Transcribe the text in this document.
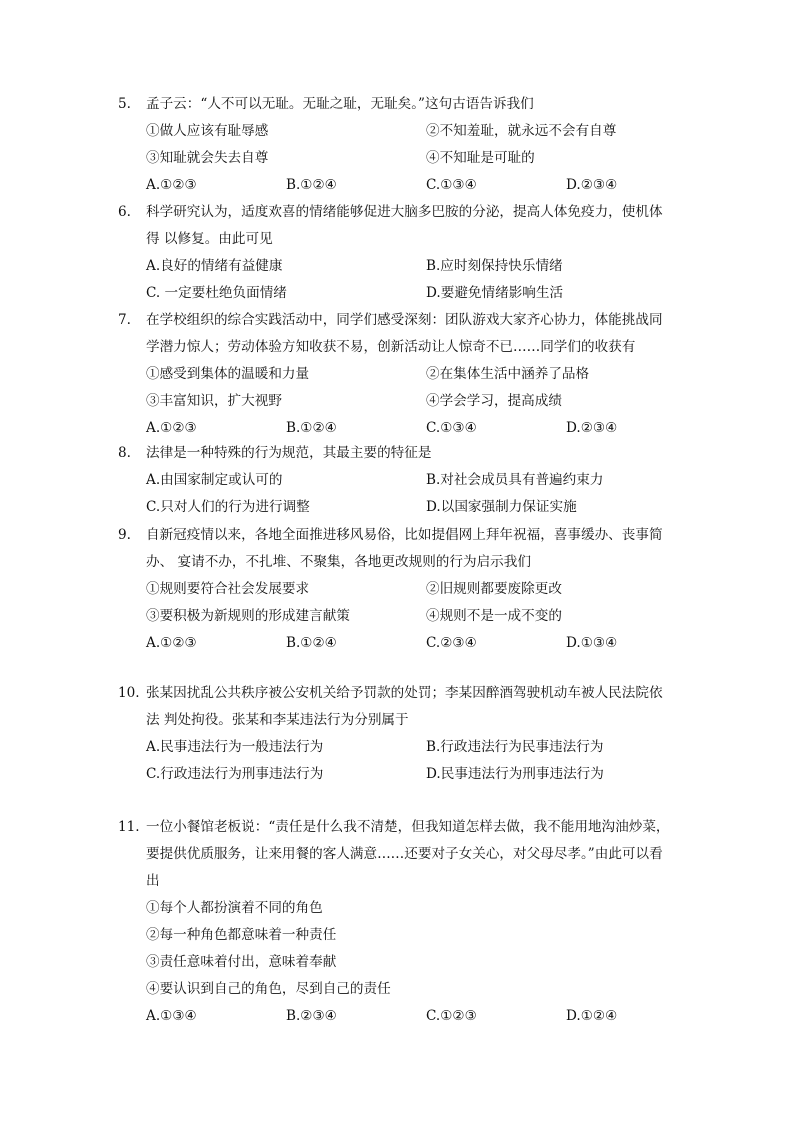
5. 孟子云：“人不可以无耻。无耻之耻，无耻矣。”这句古语告诉我们
①做人应该有耻辱感	②不知羞耻，就永远不会有自尊
③知耻就会失去自尊	④不知耻是可耻的
A.①②③	B.①②④	C.①③④	D.②③④
6. 科学研究认为，适度欢喜的情绪能够促进大脑多巴胺的分泌，提高人体免疫力，使机体
得 以修复。由此可见
A.良好的情绪有益健康	B.应时刻保持快乐情绪
C. 一定要杜绝负面情绪	D.要避免情绪影响生活
7. 在学校组织的综合实践活动中，同学们感受深刻：团队游戏大家齐心协力，体能挑战同
学潜力惊人；劳动体验方知收获不易，创新活动让人惊奇不已……同学们的收获有
①感受到集体的温暖和力量	②在集体生活中涵养了品格
③丰富知识，扩大视野	④学会学习，提高成绩
A.①②③	B.①②④	C.①③④	D.②③④
8. 法律是一种特殊的行为规范，其最主要的特征是
A.由国家制定或认可的	B.对社会成员具有普遍约束力
C.只对人们的行为进行调整	D.以国家强制力保证实施
9. 自新冠疫情以来，各地全面推进移风易俗，比如提倡网上拜年祝福，喜事缓办、丧事简
办、 宴请不办，不扎堆、不聚集，各地更改规则的行为启示我们
①规则要符合社会发展要求	②旧规则都要废除更改
③要积极为新规则的形成建言献策	④规则不是一成不变的
A.①②③	B.①②④	C.②③④	D.①③④
10. 张某因扰乱公共秩序被公安机关给予罚款的处罚；李某因醉酒驾驶机动车被人民法院依
法 判处拘役。张某和李某违法行为分别属于
A.民事违法行为一般违法行为	B.行政违法行为民事违法行为
C.行政违法行为刑事违法行为	D.民事违法行为刑事违法行为
11. 一位小餐馆老板说：“责任是什么我不清楚，但我知道怎样去做，我不能用地沟油炒菜，
要提供优质服务，让来用餐的客人满意……还要对子女关心，对父母尽孝。”由此可以看
出
①每个人都扮演着不同的角色
②每一种角色都意味着一种责任
③责任意味着付出，意味着奉献
④要认识到自己的角色，尽到自己的责任
A.①③④	B.②③④	C.①②③	D.①②④
